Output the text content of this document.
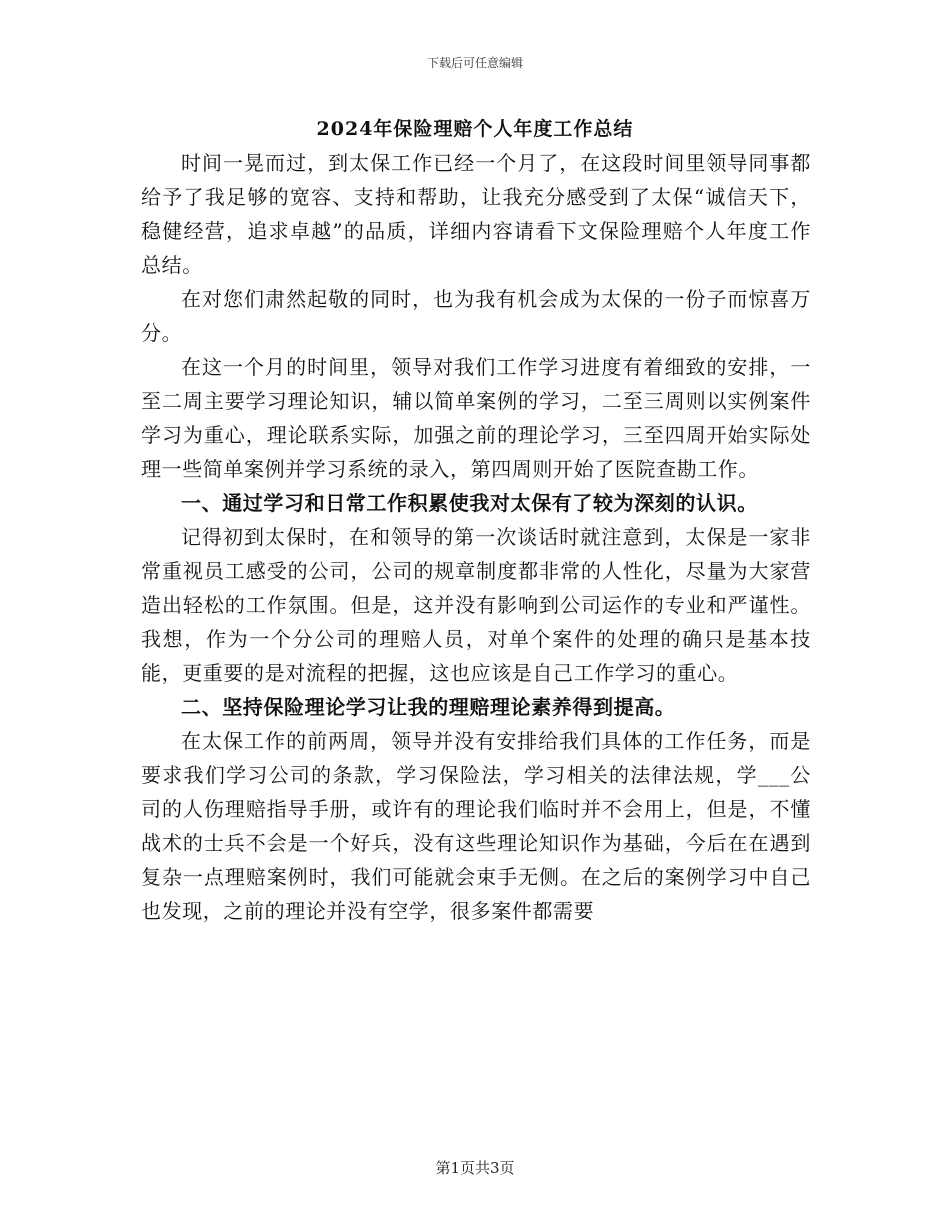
下载后可任意编辑
2024年保险理赔个人年度工作总结

时间一晃而过，到太保工作已经一个月了，在这段时间里领导同事都给予了我足够的宽容、支持和帮助，让我充分感受到了太保“诚信天下，稳健经营，追求卓越”的品质，详细内容请看下文保险理赔个人年度工作总结。

在对您们肃然起敬的同时，也为我有机会成为太保的一份子而惊喜万分。

在这一个月的时间里，领导对我们工作学习进度有着细致的安排，一至二周主要学习理论知识，辅以简单案例的学习，二至三周则以实例案件学习为重心，理论联系实际，加强之前的理论学习，三至四周开始实际处理一些简单案例并学习系统的录入，第四周则开始了医院查勘工作。

一、通过学习和日常工作积累使我对太保有了较为深刻的认识。

记得初到太保时，在和领导的第一次谈话时就注意到，太保是一家非常重视员工感受的公司，公司的规章制度都非常的人性化，尽量为大家营造出轻松的工作氛围。但是，这并没有影响到公司运作的专业和严谨性。我想，作为一个分公司的理赔人员，对单个案件的处理的确只是基本技能，更重要的是对流程的把握，这也应该是自己工作学习的重心。

二、坚持保险理论学习让我的理赔理论素养得到提高。

在太保工作的前两周，领导并没有安排给我们具体的工作任务，而是要求我们学习公司的条款，学习保险法，学习相关的法律法规，学___公司的人伤理赔指导手册，或许有的理论我们临时并不会用上，但是，不懂战术的士兵不会是一个好兵，没有这些理论知识作为基础，今后在在遇到复杂一点理赔案例时，我们可能就会束手无侧。在之后的案例学习中自己也发现，之前的理论并没有空学，很多案件都需要

第1页共3页
